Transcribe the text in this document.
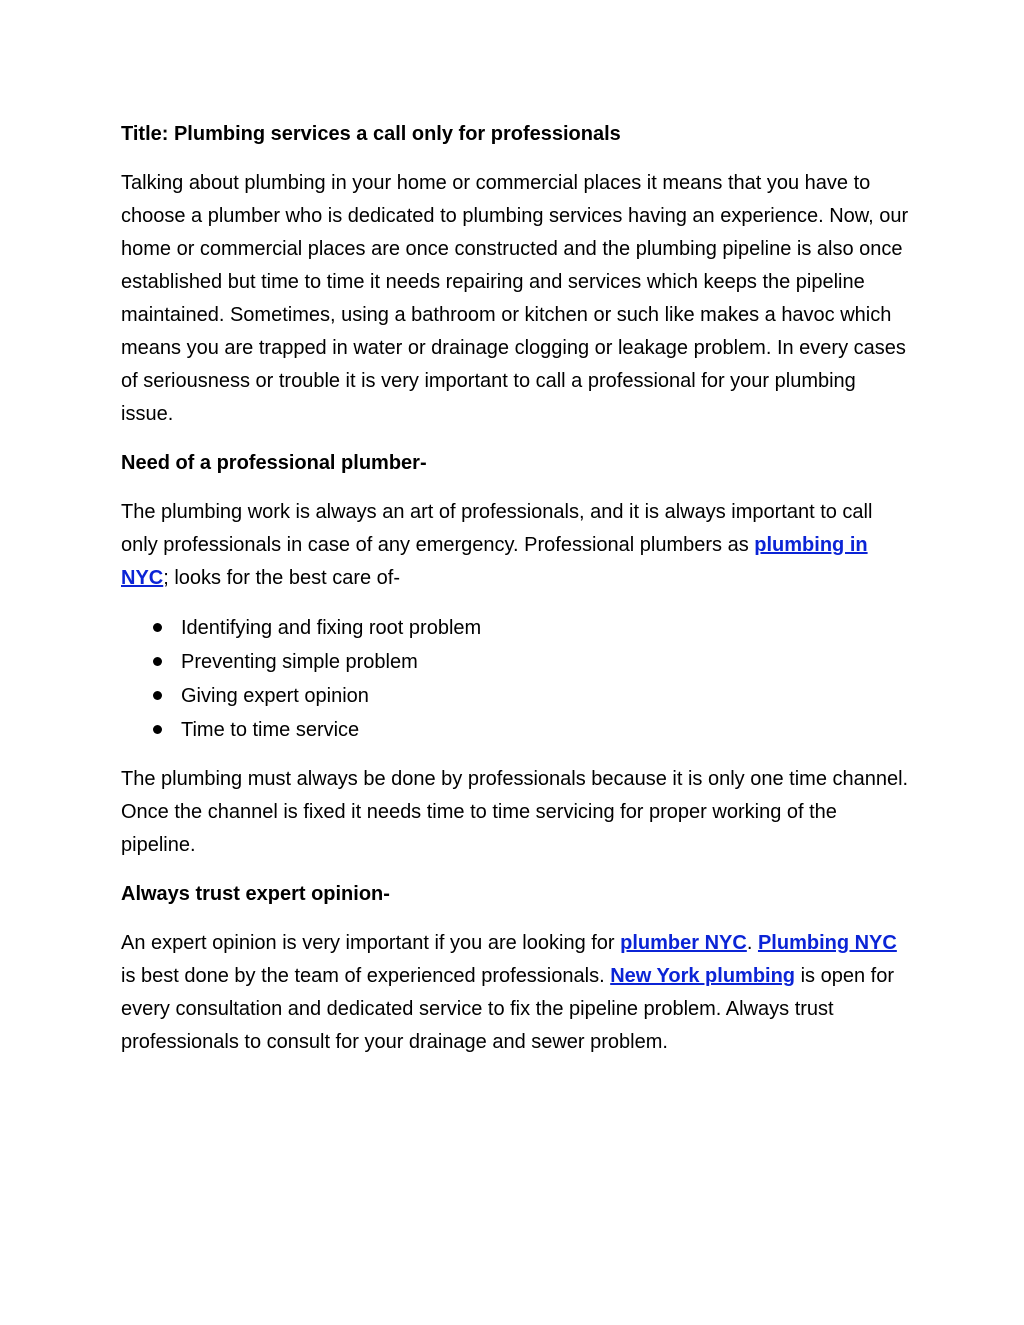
Title: Plumbing services a call only for professionals

Talking about plumbing in your home or commercial places it means that you have to choose a plumber who is dedicated to plumbing services having an experience. Now, our home or commercial places are once constructed and the plumbing pipeline is also once established but time to time it needs repairing and services which keeps the pipeline maintained. Sometimes, using a bathroom or kitchen or such like makes a havoc which means you are trapped in water or drainage clogging or leakage problem. In every cases of seriousness or trouble it is very important to call a professional for your plumbing issue.

Need of a professional plumber-

The plumbing work is always an art of professionals, and it is always important to call only professionals in case of any emergency. Professional plumbers as plumbing in NYC; looks for the best care of-

Identifying and fixing root problem
Preventing simple problem
Giving expert opinion
Time to time service

The plumbing must always be done by professionals because it is only one time channel. Once the channel is fixed it needs time to time servicing for proper working of the pipeline.

Always trust expert opinion-

An expert opinion is very important if you are looking for plumber NYC. Plumbing NYC is best done by the team of experienced professionals. New York plumbing is open for every consultation and dedicated service to fix the pipeline problem. Always trust professionals to consult for your drainage and sewer problem.
